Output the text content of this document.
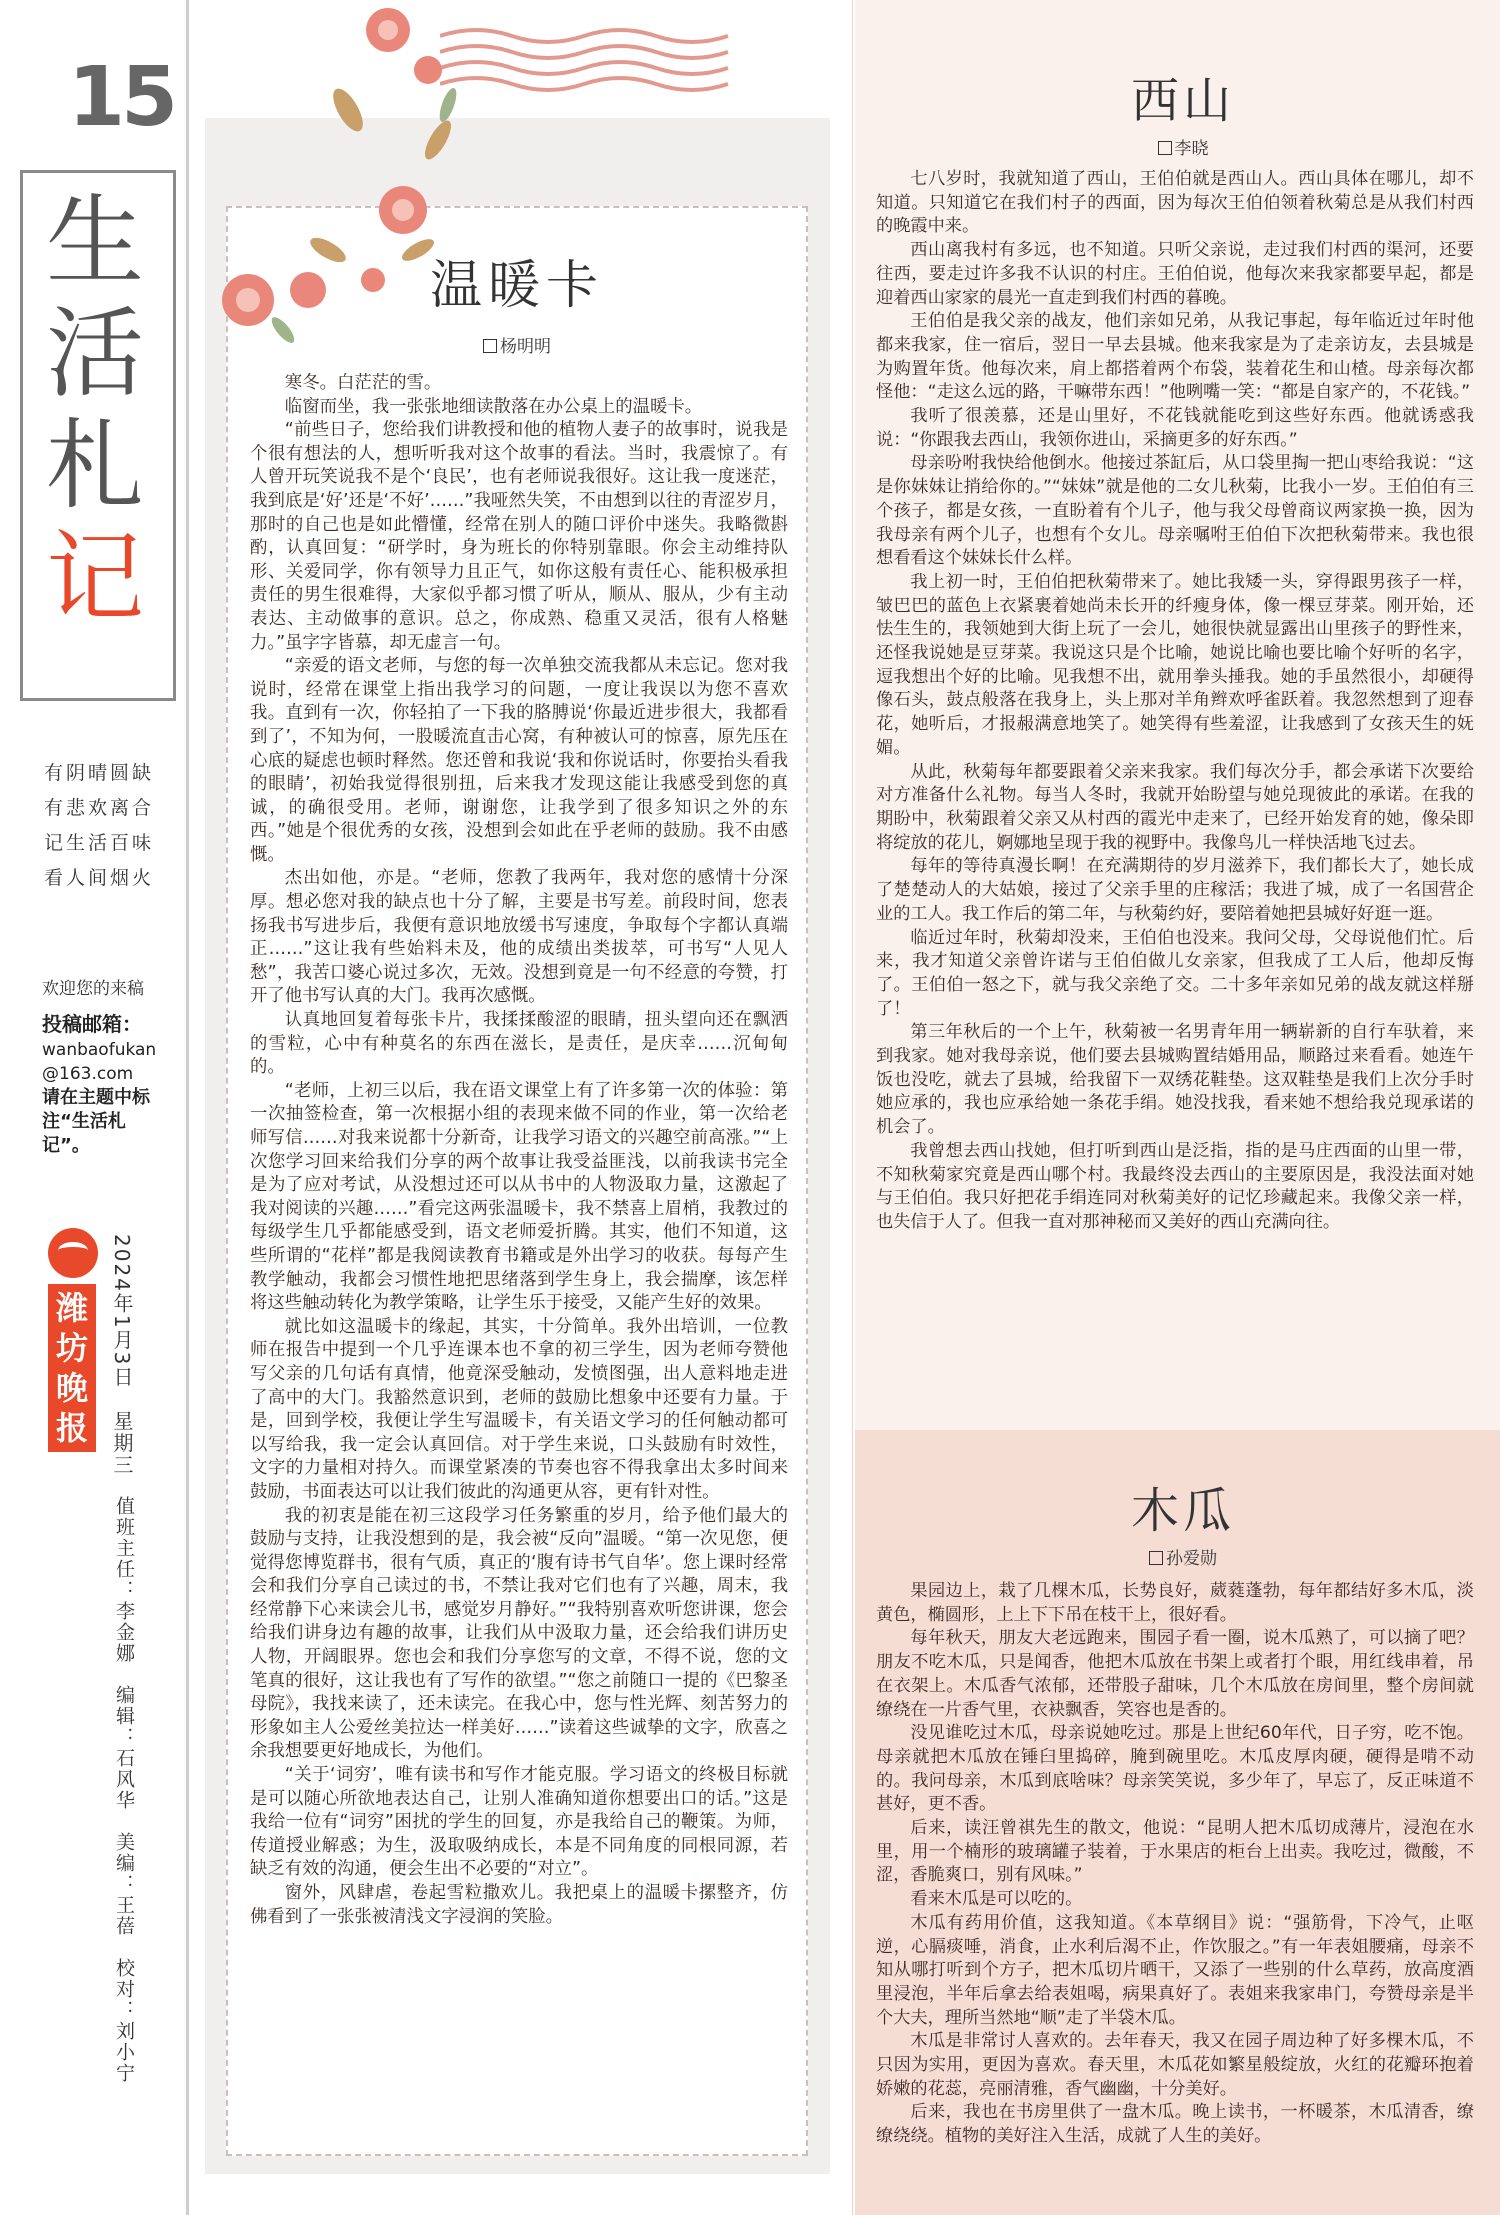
15
生
活
札
记
有阴晴圆缺
有悲欢离合
记生活百味
看人间烟火
欢迎您的来稿
投稿邮箱：
wanbaofukan@163.com
请在主题中标注“生活札记”。
潍坊晚报	2024年1月3日　星期三
值班主任：李金娜　编辑：石风华　美编：王蓓　校对：刘小宁
温暖卡
杨明明

寒冬。白茫茫的雪。

临窗而坐，我一张张地细读散落在办公桌上的温暖卡。

“前些日子，您给我们讲教授和他的植物人妻子的故事时，说我是个很有想法的人，想听听我对这个故事的看法。当时，我震惊了。有人曾开玩笑说我不是个‘良民’，也有老师说我很好。这让我一度迷茫，我到底是‘好’还是‘不好’……”我哑然失笑，不由想到以往的青涩岁月，那时的自己也是如此懵懂，经常在别人的随口评价中迷失。我略微斟酌，认真回复：“研学时，身为班长的你特别靠眼。你会主动维持队形、关爱同学，你有领导力且正气，如你这般有责任心、能积极承担责任的男生很难得，大家似乎都习惯了听从，顺从、服从，少有主动表达、主动做事的意识。总之，你成熟、稳重又灵活，很有人格魅力。”虽字字皆慕，却无虚言一句。

“亲爱的语文老师，与您的每一次单独交流我都从未忘记。您对我说时，经常在课堂上指出我学习的问题，一度让我误以为您不喜欢我。直到有一次，你轻拍了一下我的胳膊说‘你最近进步很大，我都看到了’，不知为何，一股暖流直击心窝，有种被认可的惊喜，原先压在心底的疑虑也顿时释然。您还曾和我说‘我和你说话时，你要抬头看我的眼睛’，初始我觉得很别扭，后来我才发现这能让我感受到您的真诚，的确很受用。老师，谢谢您，让我学到了很多知识之外的东西。”她是个很优秀的女孩，没想到会如此在乎老师的鼓励。我不由感慨。

杰出如他，亦是。“老师，您教了我两年，我对您的感情十分深厚。想必您对我的缺点也十分了解，主要是书写差。前段时间，您表扬我书写进步后，我便有意识地放缓书写速度，争取每个字都认真端正……”这让我有些始料未及，他的成绩出类拔萃，可书写“人见人愁”，我苦口婆心说过多次，无效。没想到竟是一句不经意的夸赞，打开了他书写认真的大门。我再次感慨。

认真地回复着每张卡片，我揉揉酸涩的眼睛，扭头望向还在飘洒的雪粒，心中有种莫名的东西在滋长，是责任，是庆幸……沉甸甸的。

“老师，上初三以后，我在语文课堂上有了许多第一次的体验：第一次抽签检查，第一次根据小组的表现来做不同的作业，第一次给老师写信……对我来说都十分新奇，让我学习语文的兴趣空前高涨。”“上次您学习回来给我们分享的两个故事让我受益匪浅，以前我读书完全是为了应对考试，从没想过还可以从书中的人物汲取力量，这激起了我对阅读的兴趣……”看完这两张温暖卡，我不禁喜上眉梢，我教过的每级学生几乎都能感受到，语文老师爱折腾。其实，他们不知道，这些所谓的“花样”都是我阅读教育书籍或是外出学习的收获。每每产生教学触动，我都会习惯性地把思绪落到学生身上，我会揣摩，该怎样将这些触动转化为教学策略，让学生乐于接受，又能产生好的效果。

就比如这温暖卡的缘起，其实，十分简单。我外出培训，一位教师在报告中提到一个几乎连课本也不拿的初三学生，因为老师夸赞他写父亲的几句话有真情，他竟深受触动，发愤图强，出人意料地走进了高中的大门。我豁然意识到，老师的鼓励比想象中还要有力量。于是，回到学校，我便让学生写温暖卡，有关语文学习的任何触动都可以写给我，我一定会认真回信。对于学生来说，口头鼓励有时效性，文字的力量相对持久。而课堂紧凑的节奏也容不得我拿出太多时间来鼓励，书面表达可以让我们彼此的沟通更从容，更有针对性。

我的初衷是能在初三这段学习任务繁重的岁月，给予他们最大的鼓励与支持，让我没想到的是，我会被“反向”温暖。“第一次见您，便觉得您博览群书，很有气质，真正的‘腹有诗书气自华’。您上课时经常会和我们分享自己读过的书，不禁让我对它们也有了兴趣，周末，我经常静下心来读会儿书，感觉岁月静好。”“我特别喜欢听您讲课，您会给我们讲身边有趣的故事，让我们从中汲取力量，还会给我们讲历史人物，开阔眼界。您也会和我们分享您写的文章，不得不说，您的文笔真的很好，这让我也有了写作的欲望。”“您之前随口一提的《巴黎圣母院》，我找来读了，还未读完。在我心中，您与性光辉、刻苦努力的形象如主人公爱丝美拉达一样美好……”读着这些诚挚的文字，欣喜之余我想要更好地成长，为他们。

“关于‘词穷’，唯有读书和写作才能克服。学习语文的终极目标就是可以随心所欲地表达自己，让别人准确知道你想要出口的话。”这是我给一位有“词穷”困扰的学生的回复，亦是我给自己的鞭策。为师，传道授业解惑；为生，汲取吸纳成长，本是不同角度的同根同源，若缺乏有效的沟通，便会生出不必要的“对立”。

窗外，风肆虐，卷起雪粒撒欢儿。我把桌上的温暖卡摞整齐，仿佛看到了一张张被清浅文字浸润的笑脸。

西山
李晓

七八岁时，我就知道了西山，王伯伯就是西山人。西山具体在哪儿，却不知道。只知道它在我们村子的西面，因为每次王伯伯领着秋菊总是从我们村西的晚霞中来。

西山离我村有多远，也不知道。只听父亲说，走过我们村西的渠河，还要往西，要走过许多我不认识的村庄。王伯伯说，他每次来我家都要早起，都是迎着西山家家的晨光一直走到我们村西的暮晚。

王伯伯是我父亲的战友，他们亲如兄弟，从我记事起，每年临近过年时他都来我家，住一宿后，翌日一早去县城。他来我家是为了走亲访友，去县城是为购置年货。他每次来，肩上都搭着两个布袋，装着花生和山楂。母亲每次都怪他：“走这么远的路，干嘛带东西！”他咧嘴一笑：“都是自家产的，不花钱。”

我听了很羡慕，还是山里好，不花钱就能吃到这些好东西。他就诱惑我说：“你跟我去西山，我领你进山，采摘更多的好东西。”

母亲吩咐我快给他倒水。他接过茶缸后，从口袋里掏一把山枣给我说：“这是你妹妹让捎给你的。”“妹妹”就是他的二女儿秋菊，比我小一岁。王伯伯有三个孩子，都是女孩，一直盼着有个儿子，他与我父母曾商议两家换一换，因为我母亲有两个儿子，也想有个女儿。母亲嘱咐王伯伯下次把秋菊带来。我也很想看看这个妹妹长什么样。

我上初一时，王伯伯把秋菊带来了。她比我矮一头，穿得跟男孩子一样，皱巴巴的蓝色上衣紧裹着她尚未长开的纤瘦身体，像一棵豆芽菜。刚开始，还怯生生的，我领她到大街上玩了一会儿，她很快就显露出山里孩子的野性来，还怪我说她是豆芽菜。我说这只是个比喻，她说比喻也要比喻个好听的名字，逗我想出个好的比喻。见我想不出，就用拳头捶我。她的手虽然很小，却硬得像石头，鼓点般落在我身上，头上那对羊角辫欢呼雀跃着。我忽然想到了迎春花，她听后，才报赧满意地笑了。她笑得有些羞涩，让我感到了女孩天生的妩媚。

从此，秋菊每年都要跟着父亲来我家。我们每次分手，都会承诺下次要给对方准备什么礼物。每当人冬时，我就开始盼望与她兑现彼此的承诺。在我的期盼中，秋菊跟着父亲又从村西的霞光中走来了，已经开始发育的她，像朵即将绽放的花儿，婀娜地呈现于我的视野中。我像鸟儿一样快活地飞过去。

每年的等待真漫长啊！在充满期待的岁月滋养下，我们都长大了，她长成了楚楚动人的大姑娘，接过了父亲手里的庄稼活；我进了城，成了一名国营企业的工人。我工作后的第二年，与秋菊约好，要陪着她把县城好好逛一逛。

临近过年时，秋菊却没来，王伯伯也没来。我问父母，父母说他们忙。后来，我才知道父亲曾许诺与王伯伯做儿女亲家，但我成了工人后，他却反悔了。王伯伯一怒之下，就与我父亲绝了交。二十多年亲如兄弟的战友就这样掰了！

第三年秋后的一个上午，秋菊被一名男青年用一辆崭新的自行车驮着，来到我家。她对我母亲说，他们要去县城购置结婚用品，顺路过来看看。她连午饭也没吃，就去了县城，给我留下一双绣花鞋垫。这双鞋垫是我们上次分手时她应承的，我也应承给她一条花手绢。她没找我，看来她不想给我兑现承诺的机会了。

我曾想去西山找她，但打听到西山是泛指，指的是马庄西面的山里一带，不知秋菊家究竟是西山哪个村。我最终没去西山的主要原因是，我没法面对她与王伯伯。我只好把花手绢连同对秋菊美好的记忆珍藏起来。我像父亲一样，也失信于人了。但我一直对那神秘而又美好的西山充满向往。

木瓜
孙爱勋

果园边上，栽了几棵木瓜，长势良好，葳蕤蓬勃，每年都结好多木瓜，淡黄色，椭圆形，上上下下吊在枝干上，很好看。

每年秋天，朋友大老远跑来，围园子看一圈，说木瓜熟了，可以摘了吧？朋友不吃木瓜，只是闻香，他把木瓜放在书架上或者打个眼，用红线串着，吊在衣架上。木瓜香气浓郁，还带股子甜味，几个木瓜放在房间里，整个房间就缭绕在一片香气里，衣袂飘香，笑容也是香的。

没见谁吃过木瓜，母亲说她吃过。那是上世纪60年代，日子穷，吃不饱。母亲就把木瓜放在锤臼里捣碎，腌到碗里吃。木瓜皮厚肉硬，硬得是啃不动的。我问母亲，木瓜到底啥味？母亲笑笑说，多少年了，早忘了，反正味道不甚好，更不香。

后来，读汪曾祺先生的散文，他说：“昆明人把木瓜切成薄片，浸泡在水里，用一个楠形的玻璃罐子装着，于水果店的柜台上出卖。我吃过，微酸，不涩，香脆爽口，别有风味。”

看来木瓜是可以吃的。

木瓜有药用价值，这我知道。《本草纲目》说：“强筋骨，下冷气，止呕逆，心膈痰唾，消食，止水利后渴不止，作饮服之。”有一年表姐腰痛，母亲不知从哪打听到个方子，把木瓜切片晒干，又添了一些别的什么草药，放高度酒里浸泡，半年后拿去给表姐喝，病果真好了。表姐来我家串门，夸赞母亲是半个大夫，理所当然地“顺”走了半袋木瓜。

木瓜是非常讨人喜欢的。去年春天，我又在园子周边种了好多棵木瓜，不只因为实用，更因为喜欢。春天里，木瓜花如繁星般绽放，火红的花瓣环抱着娇嫩的花蕊，亮丽清雅，香气幽幽，十分美好。

后来，我也在书房里供了一盘木瓜。晚上读书，一杯暖茶，木瓜清香，缭缭绕绕。植物的美好注入生活，成就了人生的美好。
